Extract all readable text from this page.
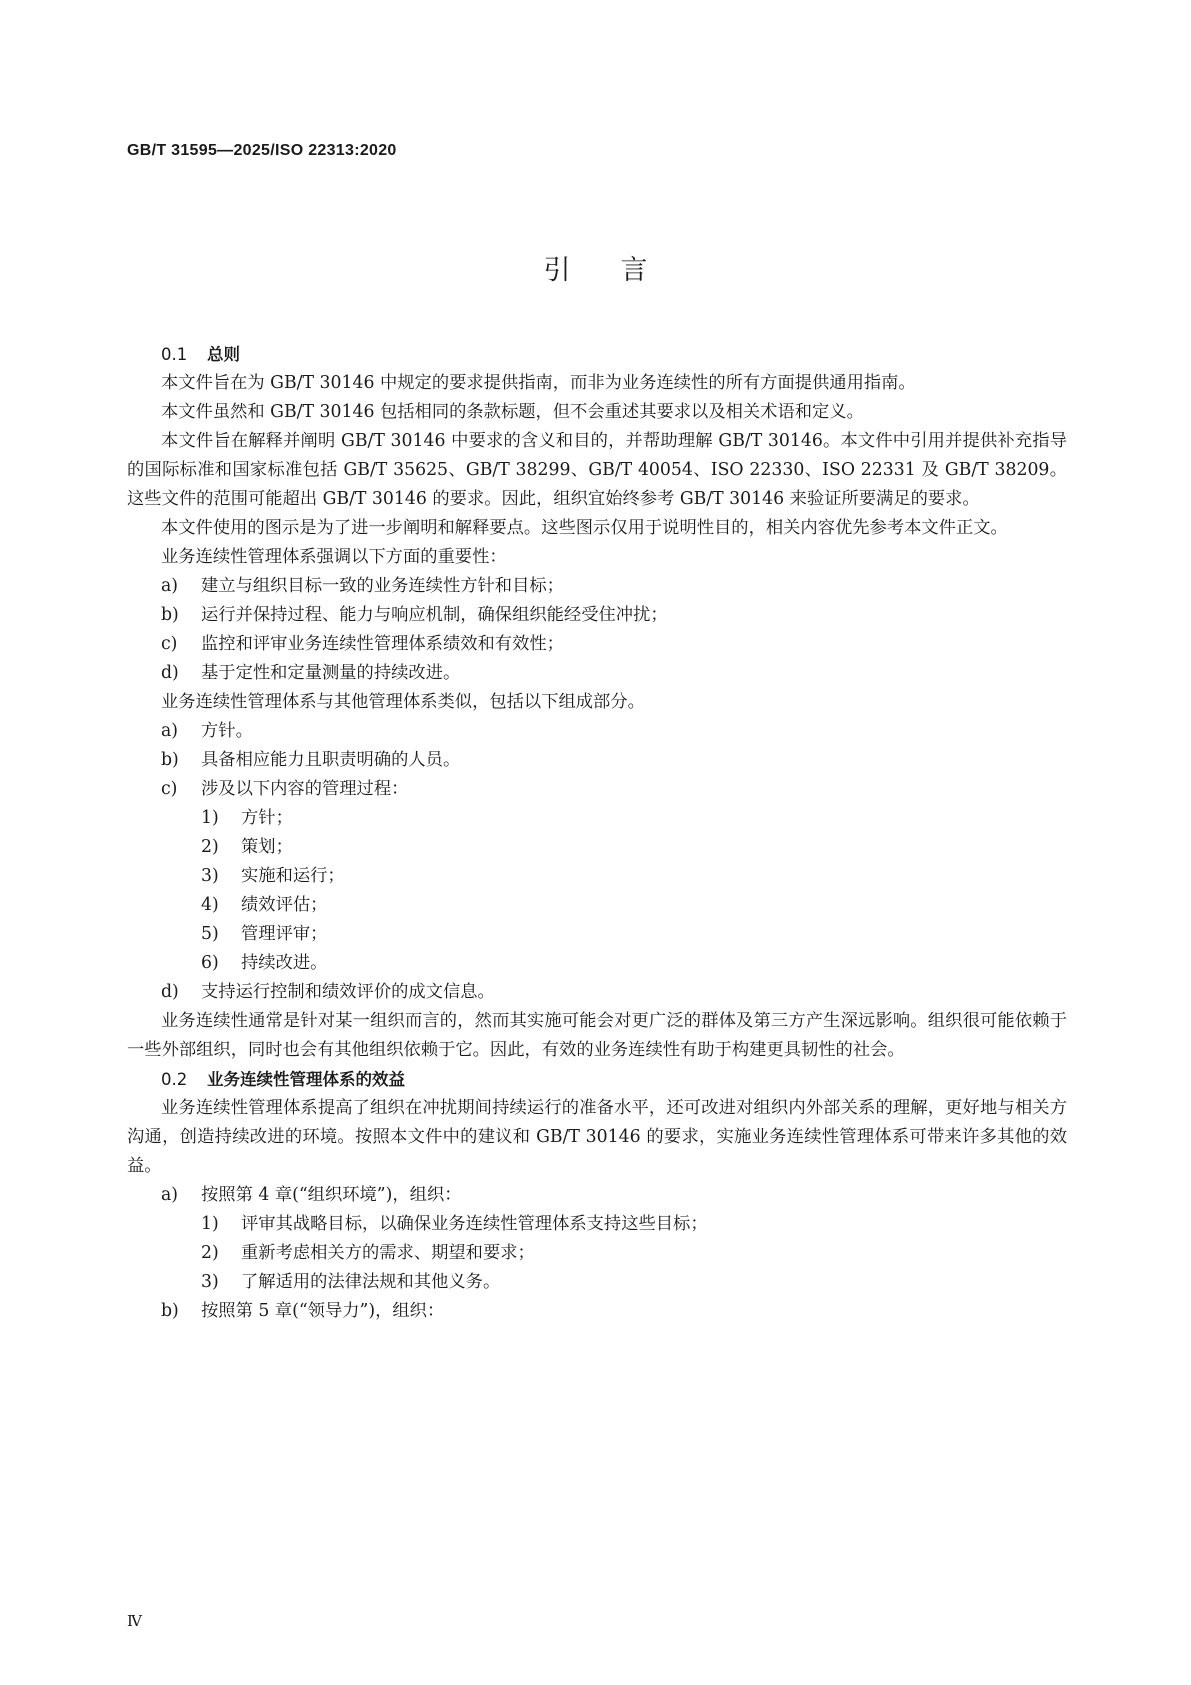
GB/T 31595—2025/ISO 22313:2020
引言

0.1 总则

本文件旨在为 GB/T 30146 中规定的要求提供指南，而非为业务连续性的所有方面提供通用指南。

本文件虽然和 GB/T 30146 包括相同的条款标题，但不会重述其要求以及相关术语和定义。

本文件旨在解释并阐明 GB/T 30146 中要求的含义和目的，并帮助理解 GB/T 30146。本文件中引用并提供补充指导的国际标准和国家标准包括 GB/T 35625、GB/T 38299、GB/T 40054、ISO 22330、ISO 22331 及 GB/T 38209。这些文件的范围可能超出 GB/T 30146 的要求。因此，组织宜始终参考 GB/T 30146 来验证所要满足的要求。

本文件使用的图示是为了进一步阐明和解释要点。这些图示仅用于说明性目的，相关内容优先参考本文件正文。

业务连续性管理体系强调以下方面的重要性：

a)	建立与组织目标一致的业务连续性方针和目标；

b)	运行并保持过程、能力与响应机制，确保组织能经受住冲扰；

c)	监控和评审业务连续性管理体系绩效和有效性；

d)	基于定性和定量测量的持续改进。

业务连续性管理体系与其他管理体系类似，包括以下组成部分。

a)	方针。

b)	具备相应能力且职责明确的人员。

c)	涉及以下内容的管理过程：

1)	方针；

2)	策划；

3)	实施和运行；

4)	绩效评估；

5)	管理评审；

6)	持续改进。

d)	支持运行控制和绩效评价的成文信息。

业务连续性通常是针对某一组织而言的，然而其实施可能会对更广泛的群体及第三方产生深远影响。组织很可能依赖于一些外部组织，同时也会有其他组织依赖于它。因此，有效的业务连续性有助于构建更具韧性的社会。

0.2 业务连续性管理体系的效益

业务连续性管理体系提高了组织在冲扰期间持续运行的准备水平，还可改进对组织内外部关系的理解，更好地与相关方沟通，创造持续改进的环境。按照本文件中的建议和 GB/T 30146 的要求，实施业务连续性管理体系可带来许多其他的效益。

a)	按照第 4 章(“组织环境”)，组织：

1)	评审其战略目标，以确保业务连续性管理体系支持这些目标；

2)	重新考虑相关方的需求、期望和要求；

3)	了解适用的法律法规和其他义务。

b)	按照第 5 章(“领导力”)，组织：

Ⅳ
